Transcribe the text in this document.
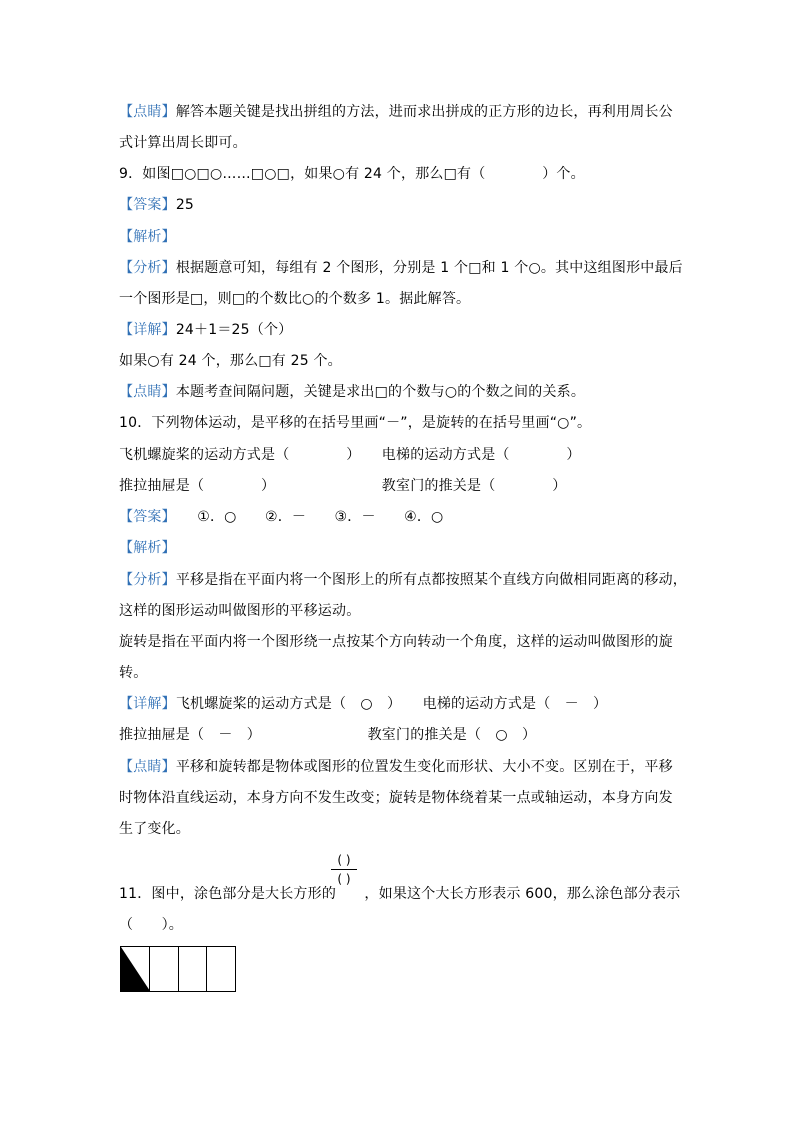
【点睛】解答本题关键是找出拼组的方法，进而求出拼成的正方形的边长，再利用周长公
式计算出周长即可。
9．如图□○□○……□○□，如果○有 24 个，那么□有（　　　　）个。
【答案】25
【解析】
【分析】根据题意可知，每组有 2 个图形，分别是 1 个□和 1 个○。其中这组图形中最后
一个图形是□，则□的个数比○的个数多 1。据此解答。
【详解】24＋1＝25（个）
如果○有 24 个，那么□有 25 个。
【点睛】本题考查间隔问题，关键是求出□的个数与○的个数之间的关系。
10．下列物体运动，是平移的在括号里画“－”，是旋转的在括号里画“○”。
飞机螺旋桨的运动方式是（　　　　）　　电梯的运动方式是（　　　　）
推拉抽屉是（　　　　）　　　　　　　　教室门的推关是（　　　　）
【答案】　　①．○　　②．－　　③．－　　④．○
【解析】
【分析】平移是指在平面内将一个图形上的所有点都按照某个直线方向做相同距离的移动，
这样的图形运动叫做图形的平移运动。
旋转是指在平面内将一个图形绕一点按某个方向转动一个角度，这样的运动叫做图形的旋
转。
【详解】飞机螺旋桨的运动方式是（　○　）　　电梯的运动方式是（　－　）
推拉抽屉是（　－　）　　　　　　　　教室门的推关是（　○　）
【点睛】平移和旋转都是物体或图形的位置发生变化而形状、大小不变。区别在于，平移
时物体沿直线运动，本身方向不发生改变；旋转是物体绕着某一点或轴运动，本身方向发
生了变化。
11．图中，涂色部分是大长方形的　　，如果这个大长方形表示 600，那么涂色部分表示
（　　）。
( )
( )
